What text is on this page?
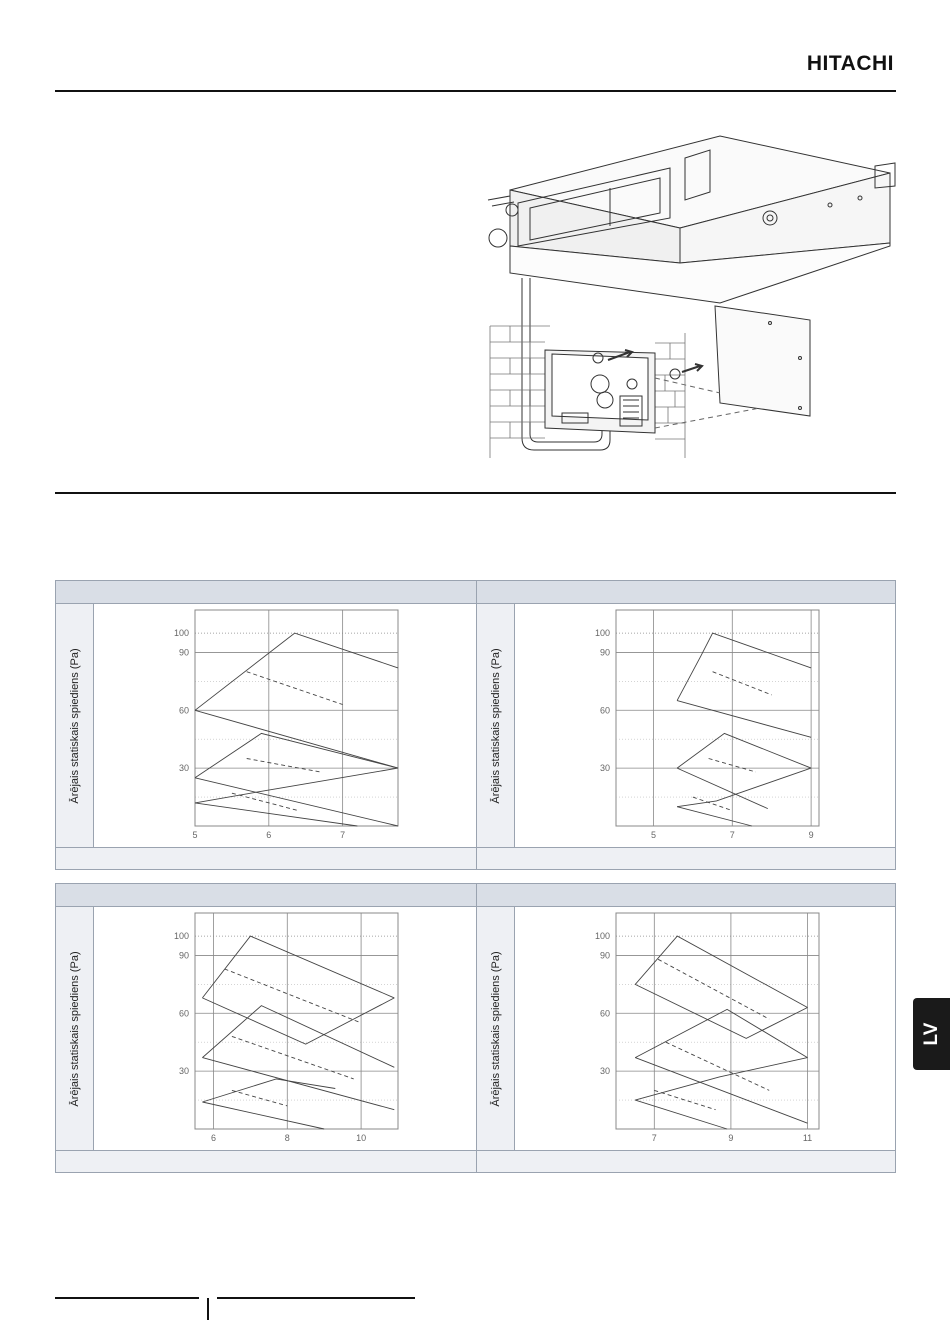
HITACHI
Ārējais statiskais spiediens (Pa)
100
90
60
30
5	6	7
Ārējais statiskais spiediens (Pa)
100
90
60
30
5	7	9
Ārējais statiskais spiediens (Pa)
100
90
60
30
6	8	10
Ārējais statiskais spiediens (Pa)
100
90
60
30
7	9	11
LV
